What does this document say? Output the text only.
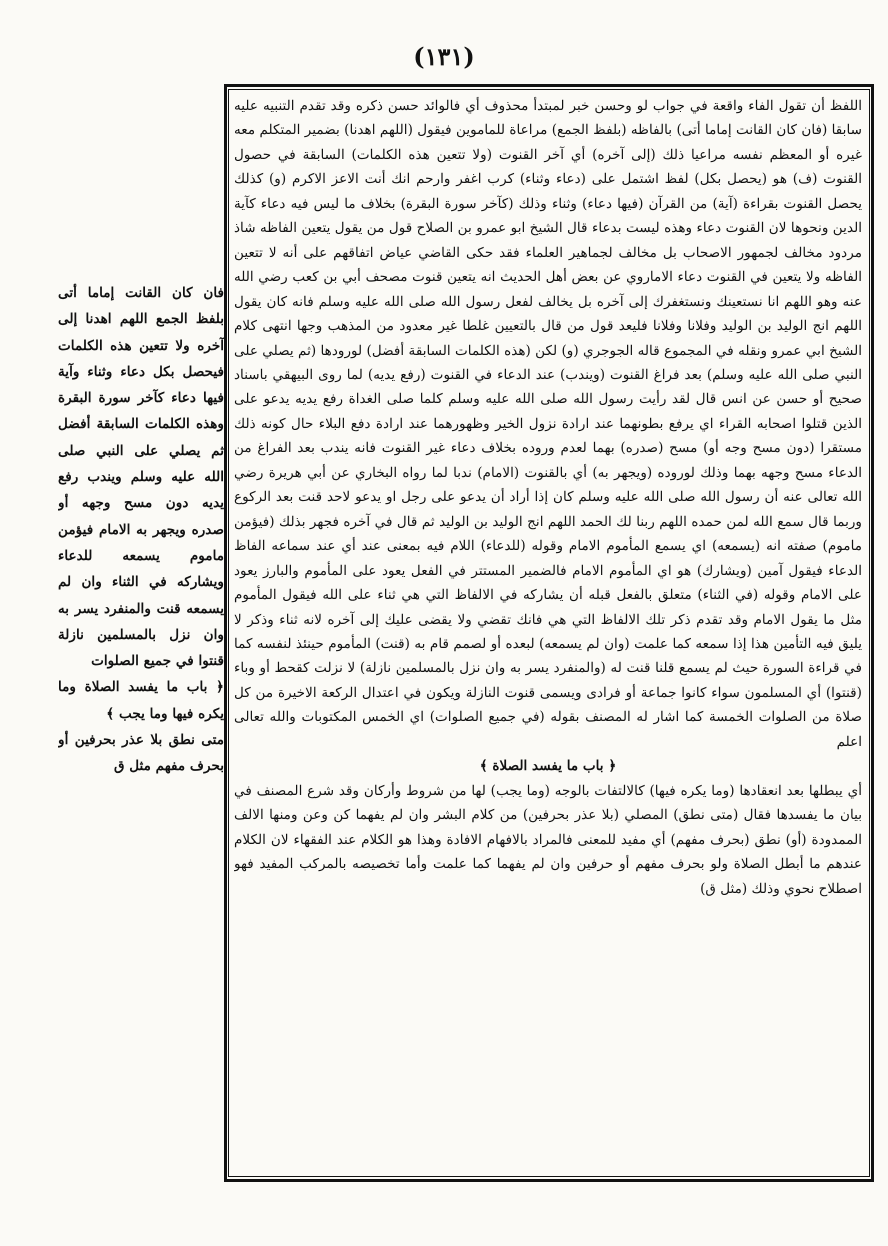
(١٣١)

اللفظ أن تقول الفاء واقعة في جواب لو وحسن خبر لمبتدأ محذوف أي فالوائد حسن ذكره وقد تقدم التنبيه عليه سابقا (فان كان القانت إماما أتى) بالفاظه (بلفظ الجمع) مراعاة للماموين فيقول (اللهم اهدنا) بضمير المتكلم معه غيره أو المعظم نفسه مراعيا ذلك (إلى آخره) أي آخر القنوت (ولا تتعين هذه الكلمات) السابقة في حصول القنوت (ف) هو (يحصل بكل) لفظ اشتمل على (دعاء وثناء) كرب اغفر وارحم انك أنت الاعز الاكرم (و) كذلك يحصل القنوت بقراءة (آية) من القرآن (فيها دعاء) وثناء وذلك (كآخر سورة البقرة) بخلاف ما ليس فيه دعاء كآية الدين ونحوها لان القنوت دعاء وهذه ليست بدعاء قال الشيخ ابو عمرو بن الصلاح قول من يقول يتعين الفاظه شاذ مردود مخالف لجمهور الاصحاب بل مخالف لجماهير العلماء فقد حكى القاضي عياض اتفاقهم على أنه لا تتعين الفاظه ولا يتعين في القنوت دعاء الاماروي عن بعض أهل الحديث انه يتعين قنوت مصحف أبي بن كعب رضي الله عنه وهو اللهم انا نستعينك ونستغفرك إلى آخره بل يخالف لفعل رسول الله صلى الله عليه وسلم فانه كان يقول اللهم انج الوليد بن الوليد وفلانا وفلانا فليعد قول من قال بالتعيين غلطا غير معدود من المذهب وجها انتهى كلام الشيخ ابي عمرو ونقله في المجموع قاله الجوجري (و) لكن (هذه الكلمات السابقة أفضل) لورودها (ثم يصلي على النبي صلى الله عليه وسلم) بعد فراغ القنوت (ويندب) عند الدعاء في القنوت (رفع يديه) لما روى البيهقي باسناد صحيح أو حسن عن انس قال لقد رأيت رسول الله صلى الله عليه وسلم كلما صلى الغداة رفع يديه يدعو على الذين قتلوا اصحابه القراء اي يرفع بطونهما عند ارادة نزول الخير وظهورهما عند ارادة دفع البلاء حال كونه ذلك مستقرا (دون مسح وجه أو) مسح (صدره) بهما لعدم وروده بخلاف دعاء غير القنوت فانه يندب بعد الفراغ من الدعاء مسح وجهه بهما وذلك لوروده (ويجهر به) أي بالقنوت (الامام) ندبا لما رواه البخاري عن أبي هريرة رضي الله تعالى عنه أن رسول الله صلى الله عليه وسلم كان إذا أراد أن يدعو على رجل او يدعو لاحد قنت بعد الركوع وربما قال سمع الله لمن حمده اللهم ربنا لك الحمد اللهم انج الوليد بن الوليد ثم قال في آخره فجهر بذلك (فيؤمن ماموم) صفته انه (يسمعه) اي يسمع المأموم الامام وقوله (للدعاء) اللام فيه بمعنى عند أي عند سماعه الفاظ الدعاء فيقول آمين (ويشارك) هو اي المأموم الامام فالضمير المستتر في الفعل يعود على المأموم والبارز يعود على الامام وقوله (في الثناء) متعلق بالفعل قبله أن يشاركه في الالفاظ التي هي ثناء على الله فيقول المأموم مثل ما يقول الامام وقد تقدم ذكر تلك الالفاظ التي هي فانك تقضي ولا يقضى عليك إلى آخره لانه ثناء وذكر لا يليق فيه التأمين هذا إذا سمعه كما علمت (وان لم يسمعه) لبعده أو لصمم قام به (قنت) المأموم حينئذ لنفسه كما في قراءة السورة حيث لم يسمع قلنا قنت له (والمنفرد يسر به وان نزل بالمسلمين نازلة) لا نزلت كقحط أو وباء (قنتوا) أي المسلمون سواء كانوا جماعة أو فرادى ويسمى قنوت النازلة ويكون في اعتدال الركعة الاخيرة من كل صلاة من الصلوات الخمسة كما اشار له المصنف بقوله (في جميع الصلوات) اي الخمس المكتوبات والله تعالى اعلم

﴿ باب ما يفسد الصلاة ﴾

أي يبطلها بعد انعقادها (وما يكره فيها) كالالتفات بالوجه (وما يجب) لها من شروط وأركان وقد شرع المصنف في بيان ما يفسدها فقال (متى نطق) المصلي (بلا عذر بحرفين) من كلام البشر وان لم يفهما كن وعن ومنها الالف الممدودة (أو) نطق (بحرف مفهم) أي مفيد للمعنى فالمراد بالافهام الافادة وهذا هو الكلام عند الفقهاء لان الكلام عندهم ما أبطل الصلاة ولو بحرف مفهم أو حرفين وان لم يفهما كما علمت وأما تخصيصه بالمركب المفيد فهو اصطلاح نحوي وذلك (مثل ق)

فان كان القانت إماما أتى بلفظ الجمع اللهم اهدنا إلى آخره ولا تتعين هذه الكلمات فيحصل بكل دعاء وثناء وآية فيها دعاء كآخر سورة البقرة وهذه الكلمات السابقة أفضل ثم يصلي على النبي صلى الله عليه وسلم ويندب رفع يديه دون مسح وجهه أو صدره ويجهر به الامام فيؤمن ماموم يسمعه للدعاء ويشاركه في الثناء وان لم يسمعه قنت والمنفرد يسر به وان نزل بالمسلمين نازلة قنتوا في جميع الصلوات

﴿ باب ما يفسد الصلاة وما يكره فيها وما يجب ﴾

متى نطق بلا عذر بحرفين أو بحرف مفهم مثل ق
